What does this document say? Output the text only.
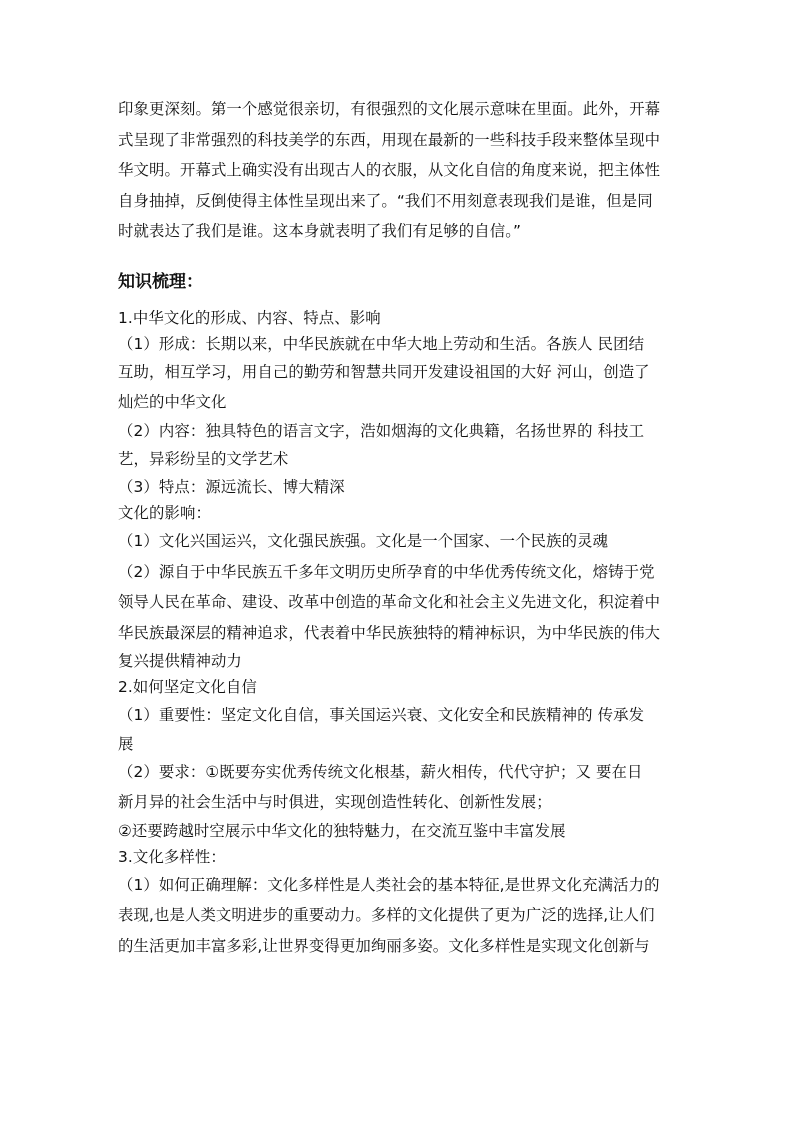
印象更深刻。第一个感觉很亲切，有很强烈的文化展示意味在里面。此外，开幕
式呈现了非常强烈的科技美学的东西，用现在最新的一些科技手段来整体呈现中
华文明。开幕式上确实没有出现古人的衣服，从文化自信的角度来说，把主体性
自身抽掉，反倒使得主体性呈现出来了。“我们不用刻意表现我们是谁，但是同
时就表达了我们是谁。这本身就表明了我们有足够的自信。”
知识梳理：
1.中华文化的形成、内容、特点、影响
（1）形成：长期以来，中华民族就在中华大地上劳动和生活。各族人 民团结
互助，相互学习，用自己的勤劳和智慧共同开发建设祖国的大好 河山，创造了
灿烂的中华文化
（2）内容：独具特色的语言文字，浩如烟海的文化典籍，名扬世界的 科技工
艺，异彩纷呈的文学艺术
（3）特点：源远流长、博大精深
文化的影响：
（1）文化兴国运兴，文化强民族强。文化是一个国家、一个民族的灵魂
（2）源自于中华民族五千多年文明历史所孕育的中华优秀传统文化，熔铸于党
领导人民在革命、建设、改革中创造的革命文化和社会主义先进文化，积淀着中
华民族最深层的精神追求，代表着中华民族独特的精神标识，为中华民族的伟大
复兴提供精神动力
2.如何坚定文化自信
（1）重要性：坚定文化自信，事关国运兴衰、文化安全和民族精神的 传承发
展
（2）要求：①既要夯实优秀传统文化根基，薪火相传，代代守护；又 要在日
新月异的社会生活中与时俱进，实现创造性转化、创新性发展；
②还要跨越时空展示中华文化的独特魅力，在交流互鉴中丰富发展
3.文化多样性：
（1）如何正确理解：文化多样性是人类社会的基本特征,是世界文化充满活力的
表现,也是人类文明进步的重要动力。多样的文化提供了更为广泛的选择,让人们
的生活更加丰富多彩,让世界变得更加绚丽多姿。文化多样性是实现文化创新与
